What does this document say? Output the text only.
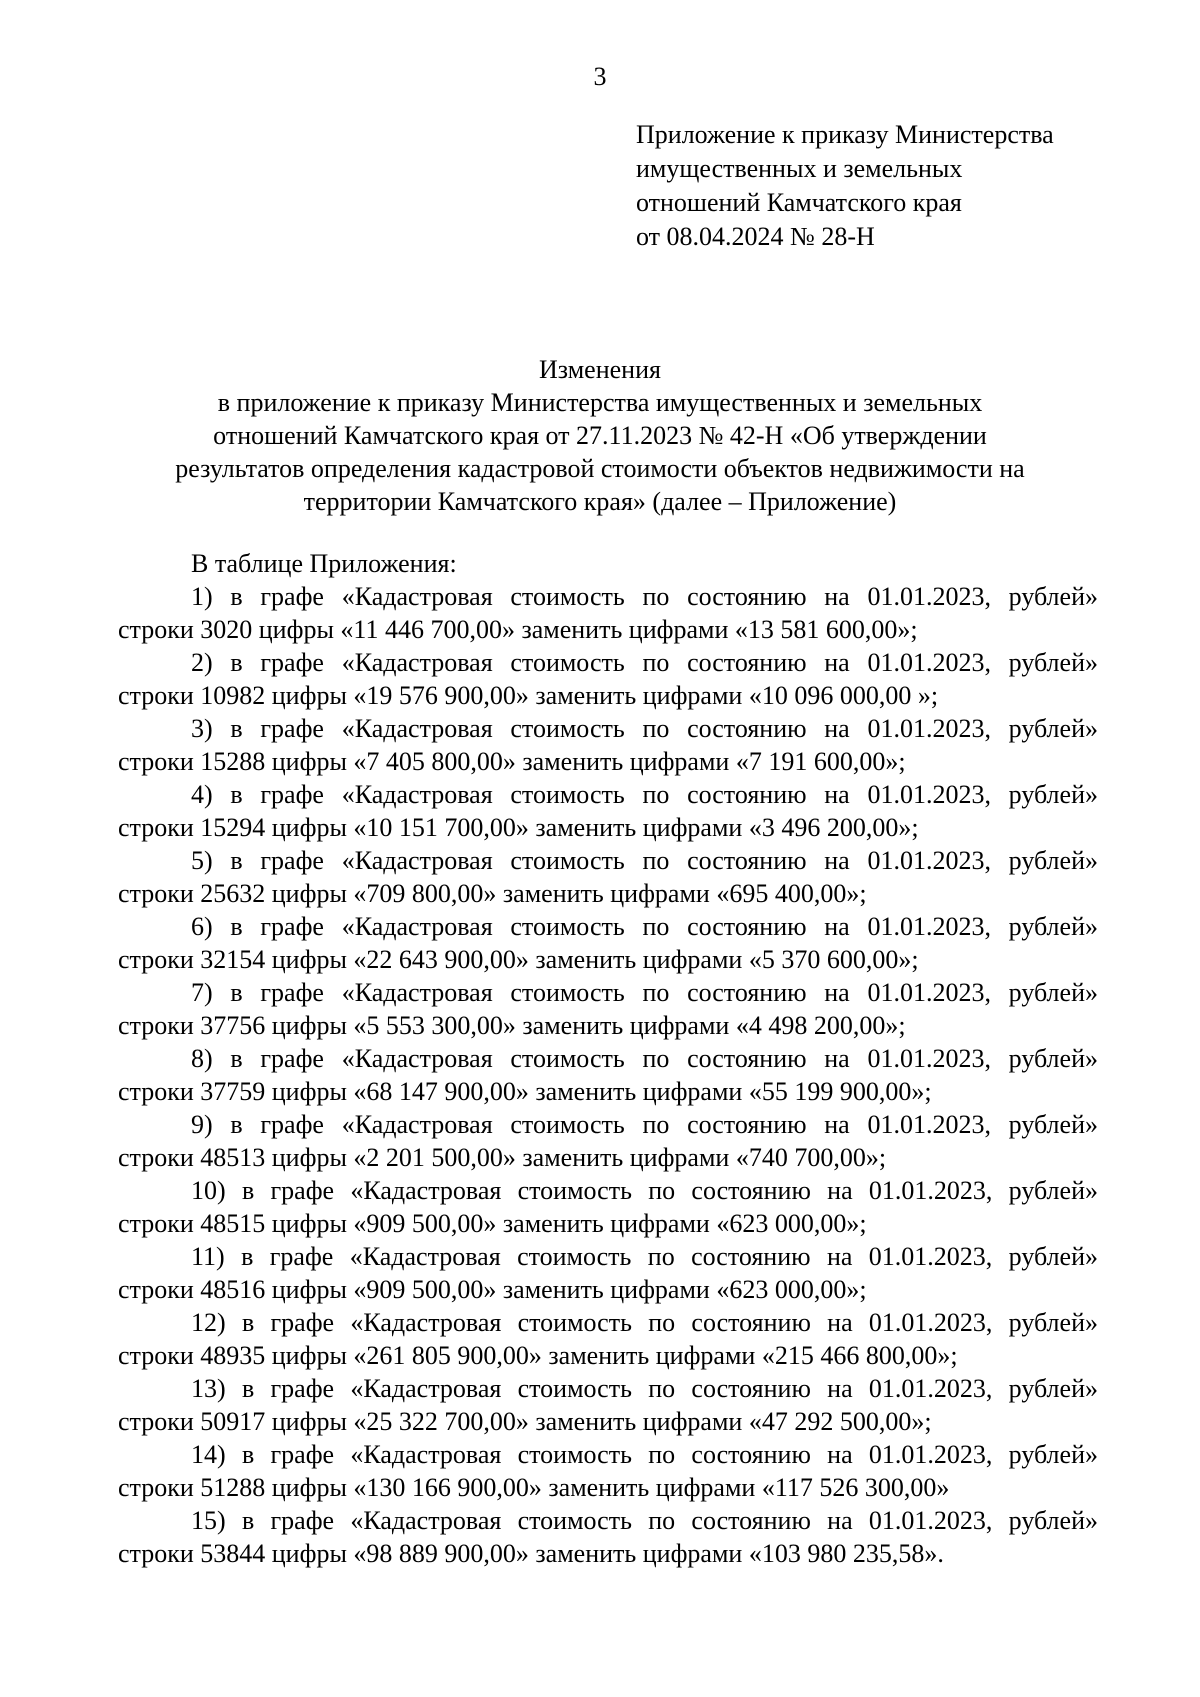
3
Приложение к приказу Министерства
имущественных и земельных
отношений Камчатского края
от 08.04.2024 № 28-Н
Изменения
в приложение к приказу Министерства имущественных и земельных
отношений Камчатского края от 27.11.2023 № 42-Н «Об утверждении
результатов определения кадастровой стоимости объектов недвижимости на
территории Камчатского края» (далее – Приложение)
В таблице Приложения:
1) в графе «Кадастровая стоимость по состоянию на 01.01.2023, рублей»
строки 3020 цифры «11 446 700,00» заменить цифрами «13 581 600,00»;
2) в графе «Кадастровая стоимость по состоянию на 01.01.2023, рублей»
строки 10982 цифры «19 576 900,00» заменить цифрами «10 096 000,00 »;
3) в графе «Кадастровая стоимость по состоянию на 01.01.2023, рублей»
строки 15288 цифры «7 405 800,00» заменить цифрами «7 191 600,00»;
4) в графе «Кадастровая стоимость по состоянию на 01.01.2023, рублей»
строки 15294 цифры «10 151 700,00» заменить цифрами «3 496 200,00»;
5) в графе «Кадастровая стоимость по состоянию на 01.01.2023, рублей»
строки 25632 цифры «709 800,00» заменить цифрами «695 400,00»;
6) в графе «Кадастровая стоимость по состоянию на 01.01.2023, рублей»
строки 32154 цифры «22 643 900,00» заменить цифрами «5 370 600,00»;
7) в графе «Кадастровая стоимость по состоянию на 01.01.2023, рублей»
строки 37756 цифры «5 553 300,00» заменить цифрами «4 498 200,00»;
8) в графе «Кадастровая стоимость по состоянию на 01.01.2023, рублей»
строки 37759 цифры «68 147 900,00» заменить цифрами «55 199 900,00»;
9) в графе «Кадастровая стоимость по состоянию на 01.01.2023, рублей»
строки 48513 цифры «2 201 500,00» заменить цифрами «740 700,00»;
10) в графе «Кадастровая стоимость по состоянию на 01.01.2023, рублей»
строки 48515 цифры «909 500,00» заменить цифрами «623 000,00»;
11) в графе «Кадастровая стоимость по состоянию на 01.01.2023, рублей»
строки 48516 цифры «909 500,00» заменить цифрами «623 000,00»;
12) в графе «Кадастровая стоимость по состоянию на 01.01.2023, рублей»
строки 48935 цифры «261 805 900,00» заменить цифрами «215 466 800,00»;
13) в графе «Кадастровая стоимость по состоянию на 01.01.2023, рублей»
строки 50917 цифры «25 322 700,00» заменить цифрами «47 292 500,00»;
14) в графе «Кадастровая стоимость по состоянию на 01.01.2023, рублей»
строки 51288 цифры «130 166 900,00» заменить цифрами «117 526 300,00»
15) в графе «Кадастровая стоимость по состоянию на 01.01.2023, рублей»
строки 53844 цифры «98 889 900,00» заменить цифрами «103 980 235,58».
